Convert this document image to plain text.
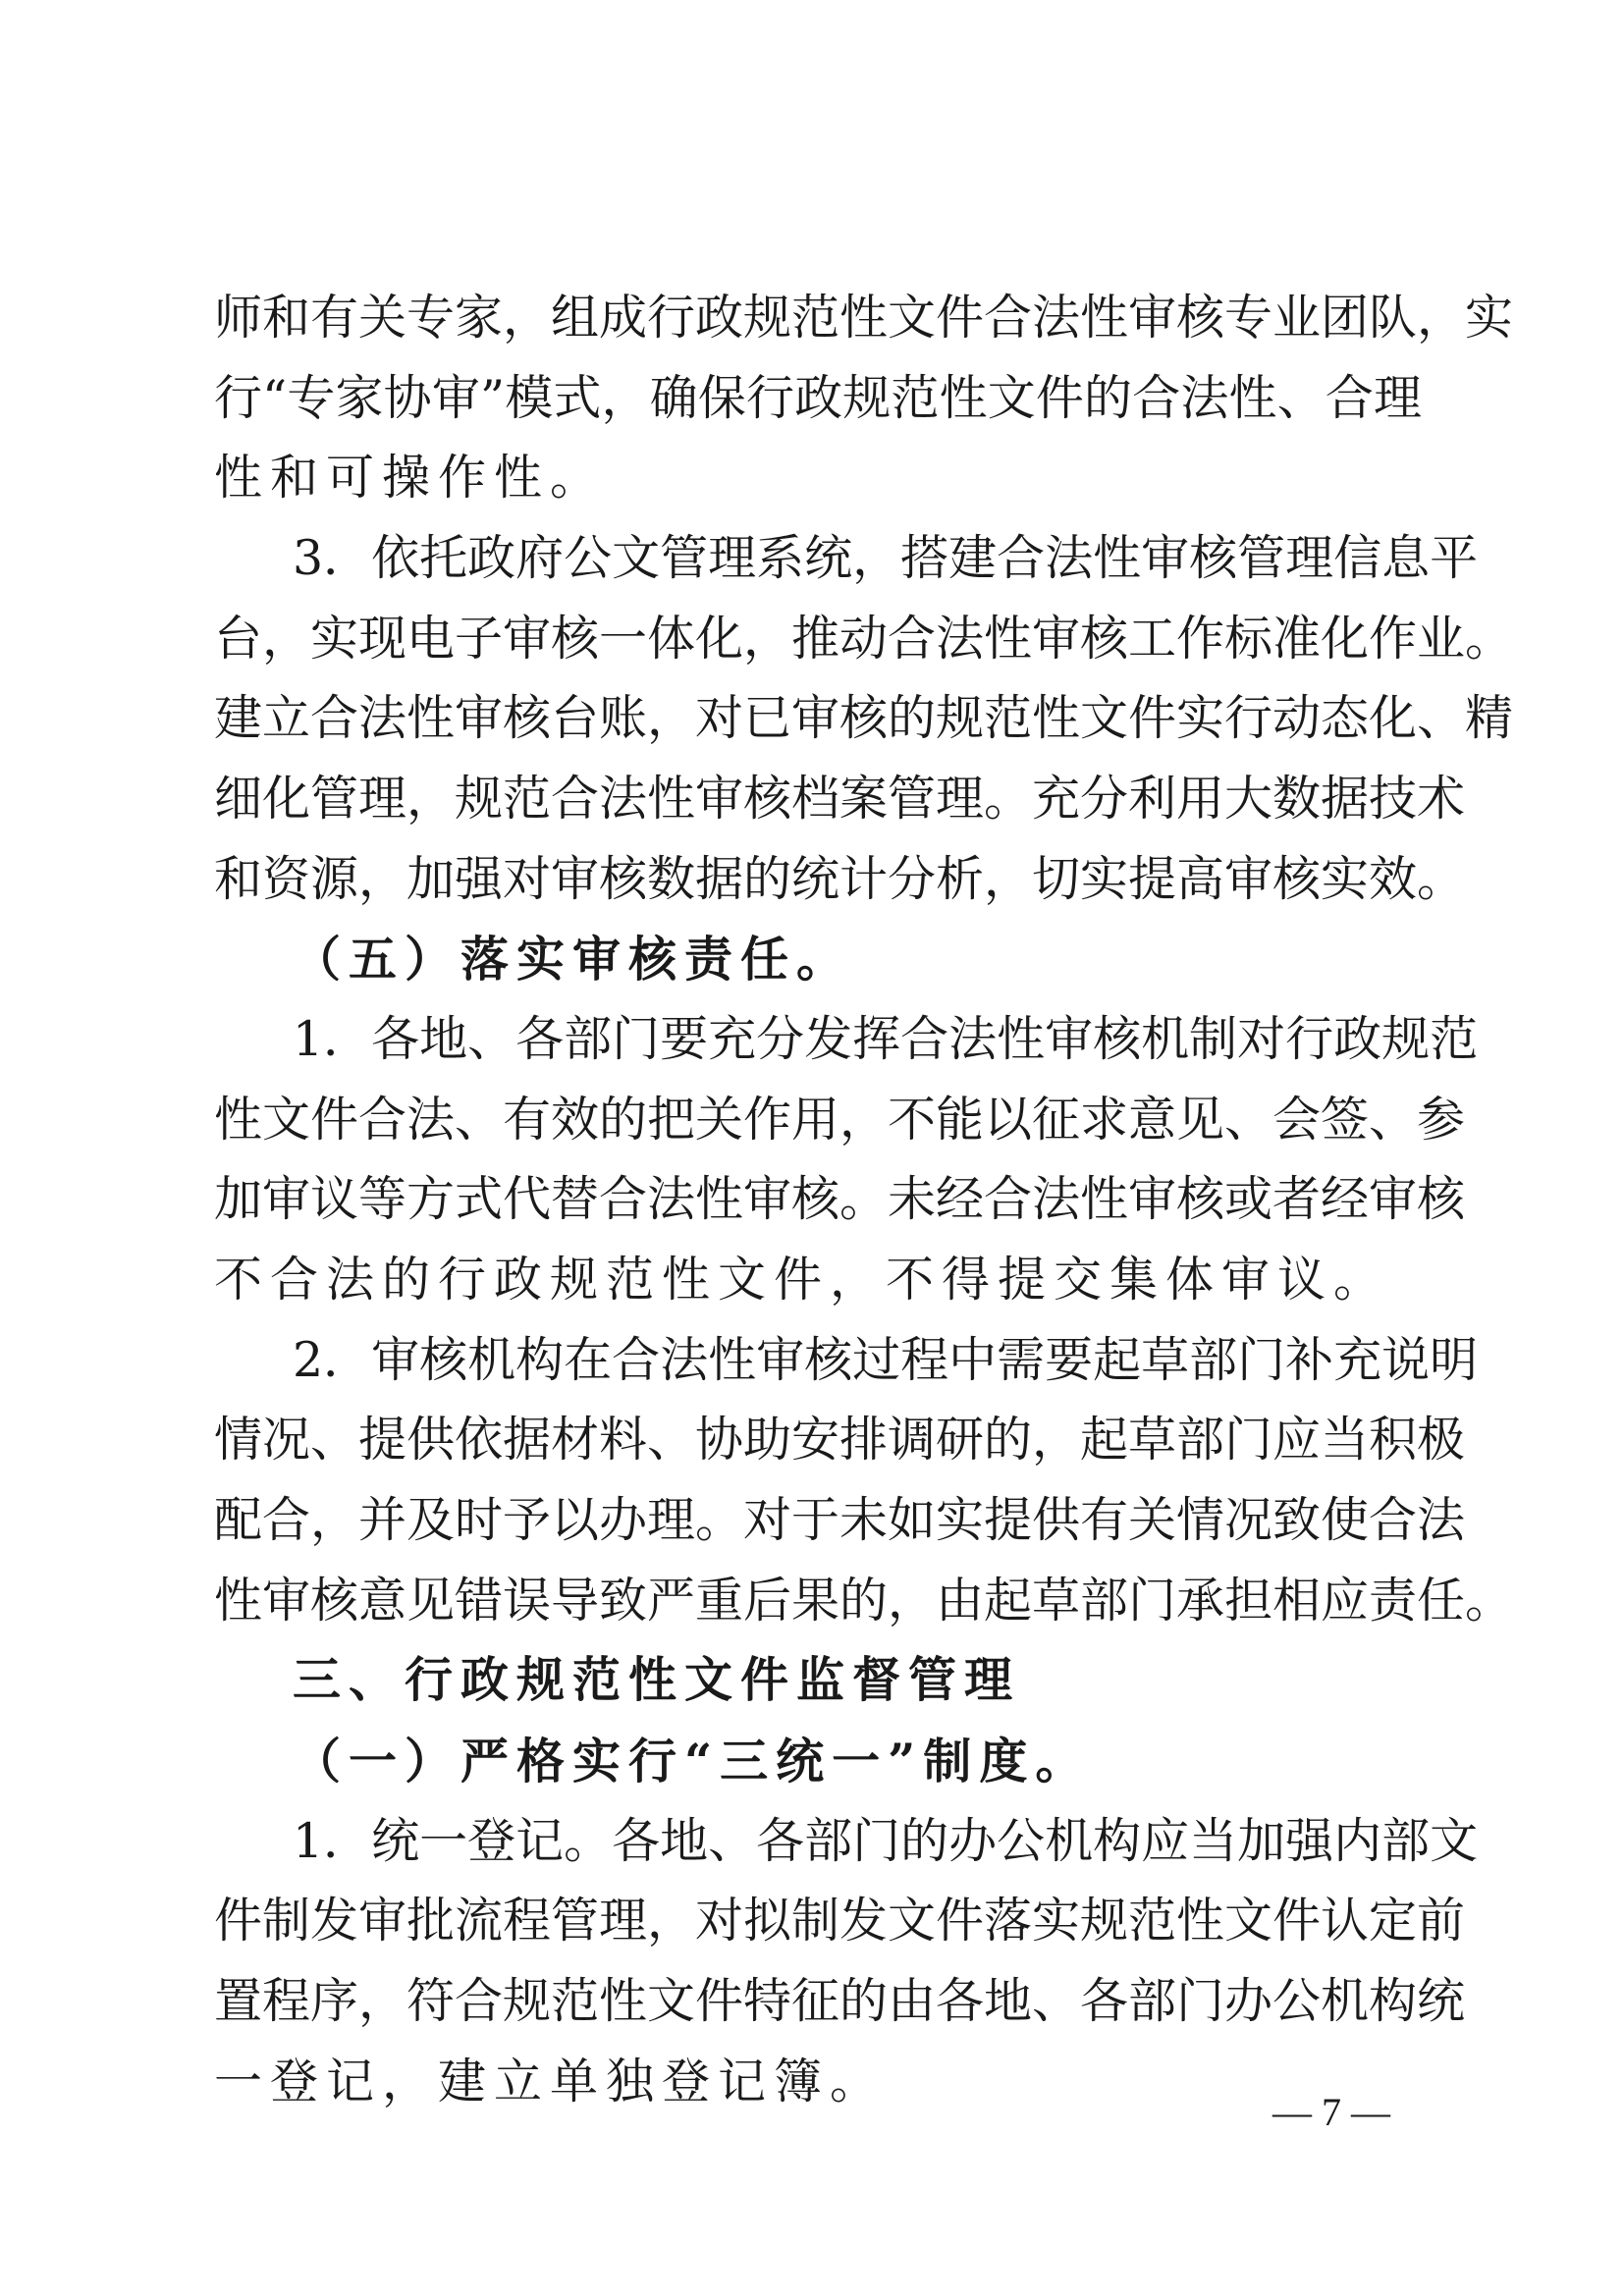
师和有关专家，组成行政规范性文件合法性审核专业团队，实
行“专家协审”模式，确保行政规范性文件的合法性、合理
性和可操作性。
3．依托政府公文管理系统，搭建合法性审核管理信息平
台，实现电子审核一体化，推动合法性审核工作标准化作业。
建立合法性审核台账，对已审核的规范性文件实行动态化、精
细化管理，规范合法性审核档案管理。充分利用大数据技术
和资源，加强对审核数据的统计分析，切实提高审核实效。
（五）落实审核责任。
1．各地、各部门要充分发挥合法性审核机制对行政规范
性文件合法、有效的把关作用，不能以征求意见、会签、参
加审议等方式代替合法性审核。未经合法性审核或者经审核
不合法的行政规范性文件，不得提交集体审议。
2．审核机构在合法性审核过程中需要起草部门补充说明
情况、提供依据材料、协助安排调研的，起草部门应当积极
配合，并及时予以办理。对于未如实提供有关情况致使合法
性审核意见错误导致严重后果的，由起草部门承担相应责任。
三、行政规范性文件监督管理
（一）严格实行“三统一”制度。
1．统一登记。各地、各部门的办公机构应当加强内部文
件制发审批流程管理，对拟制发文件落实规范性文件认定前
置程序，符合规范性文件特征的由各地、各部门办公机构统
一登记，建立单独登记簿。
— 7 —
